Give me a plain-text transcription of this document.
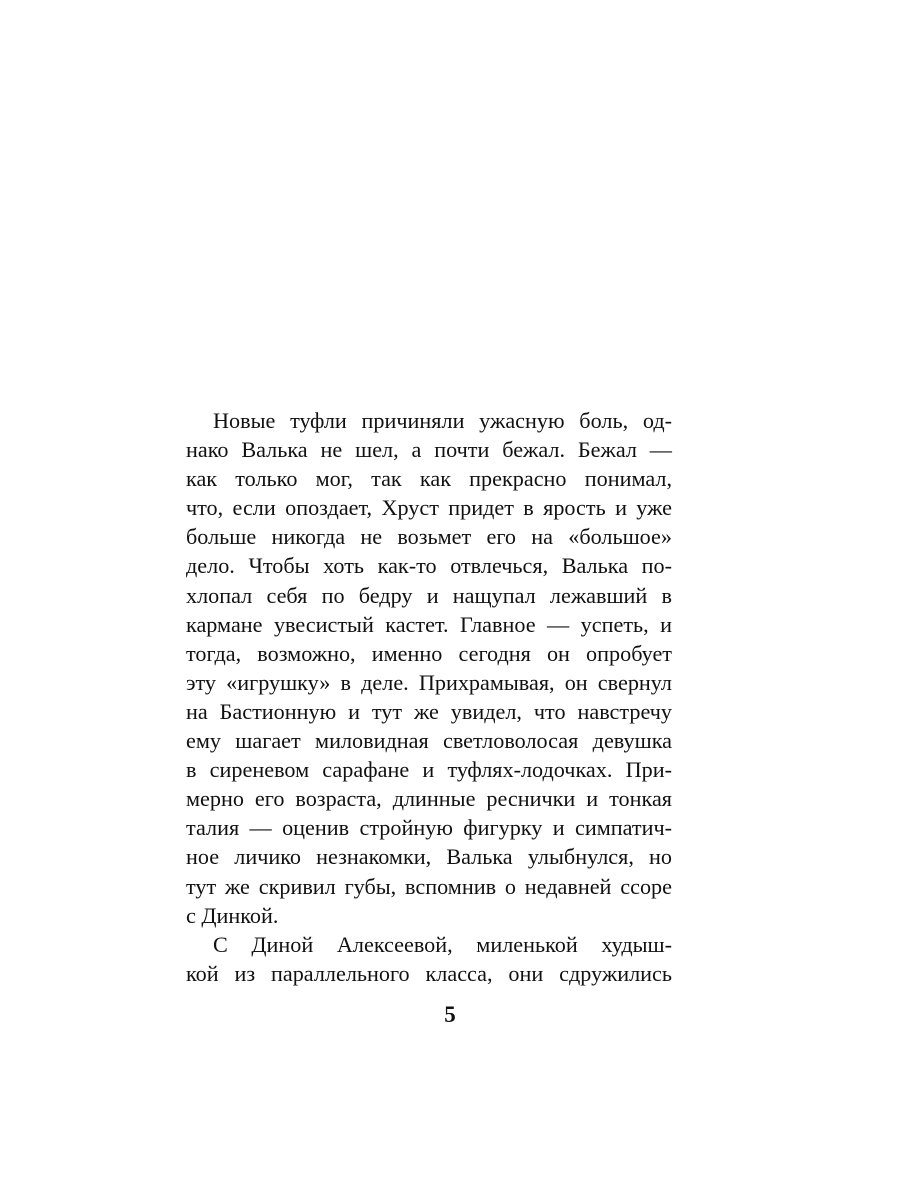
Новые туфли причиняли ужасную боль, од-
нако Валька не шел, а почти бежал. Бежал —
как только мог, так как прекрасно понимал,
что, если опоздает, Хруст придет в ярость и уже
больше никогда не возьмет его на «большое»
дело. Чтобы хоть как-то отвлечься, Валька по-
хлопал себя по бедру и нащупал лежавший в
кармане увесистый кастет. Главное — успеть, и
тогда, возможно, именно сегодня он опробует
эту «игрушку» в деле. Прихрамывая, он свернул
на Бастионную и тут же увидел, что навстречу
ему шагает миловидная светловолосая девушка
в сиреневом сарафане и туфлях-лодочках. При-
мерно его возраста, длинные реснички и тонкая
талия — оценив стройную фигурку и симпатич-
ное личико незнакомки, Валька улыбнулся, но
тут же скривил губы, вспомнив о недавней ссоре
с Динкой.
С Диной Алексеевой, миленькой худыш-
кой из параллельного класса, они сдружились
5
